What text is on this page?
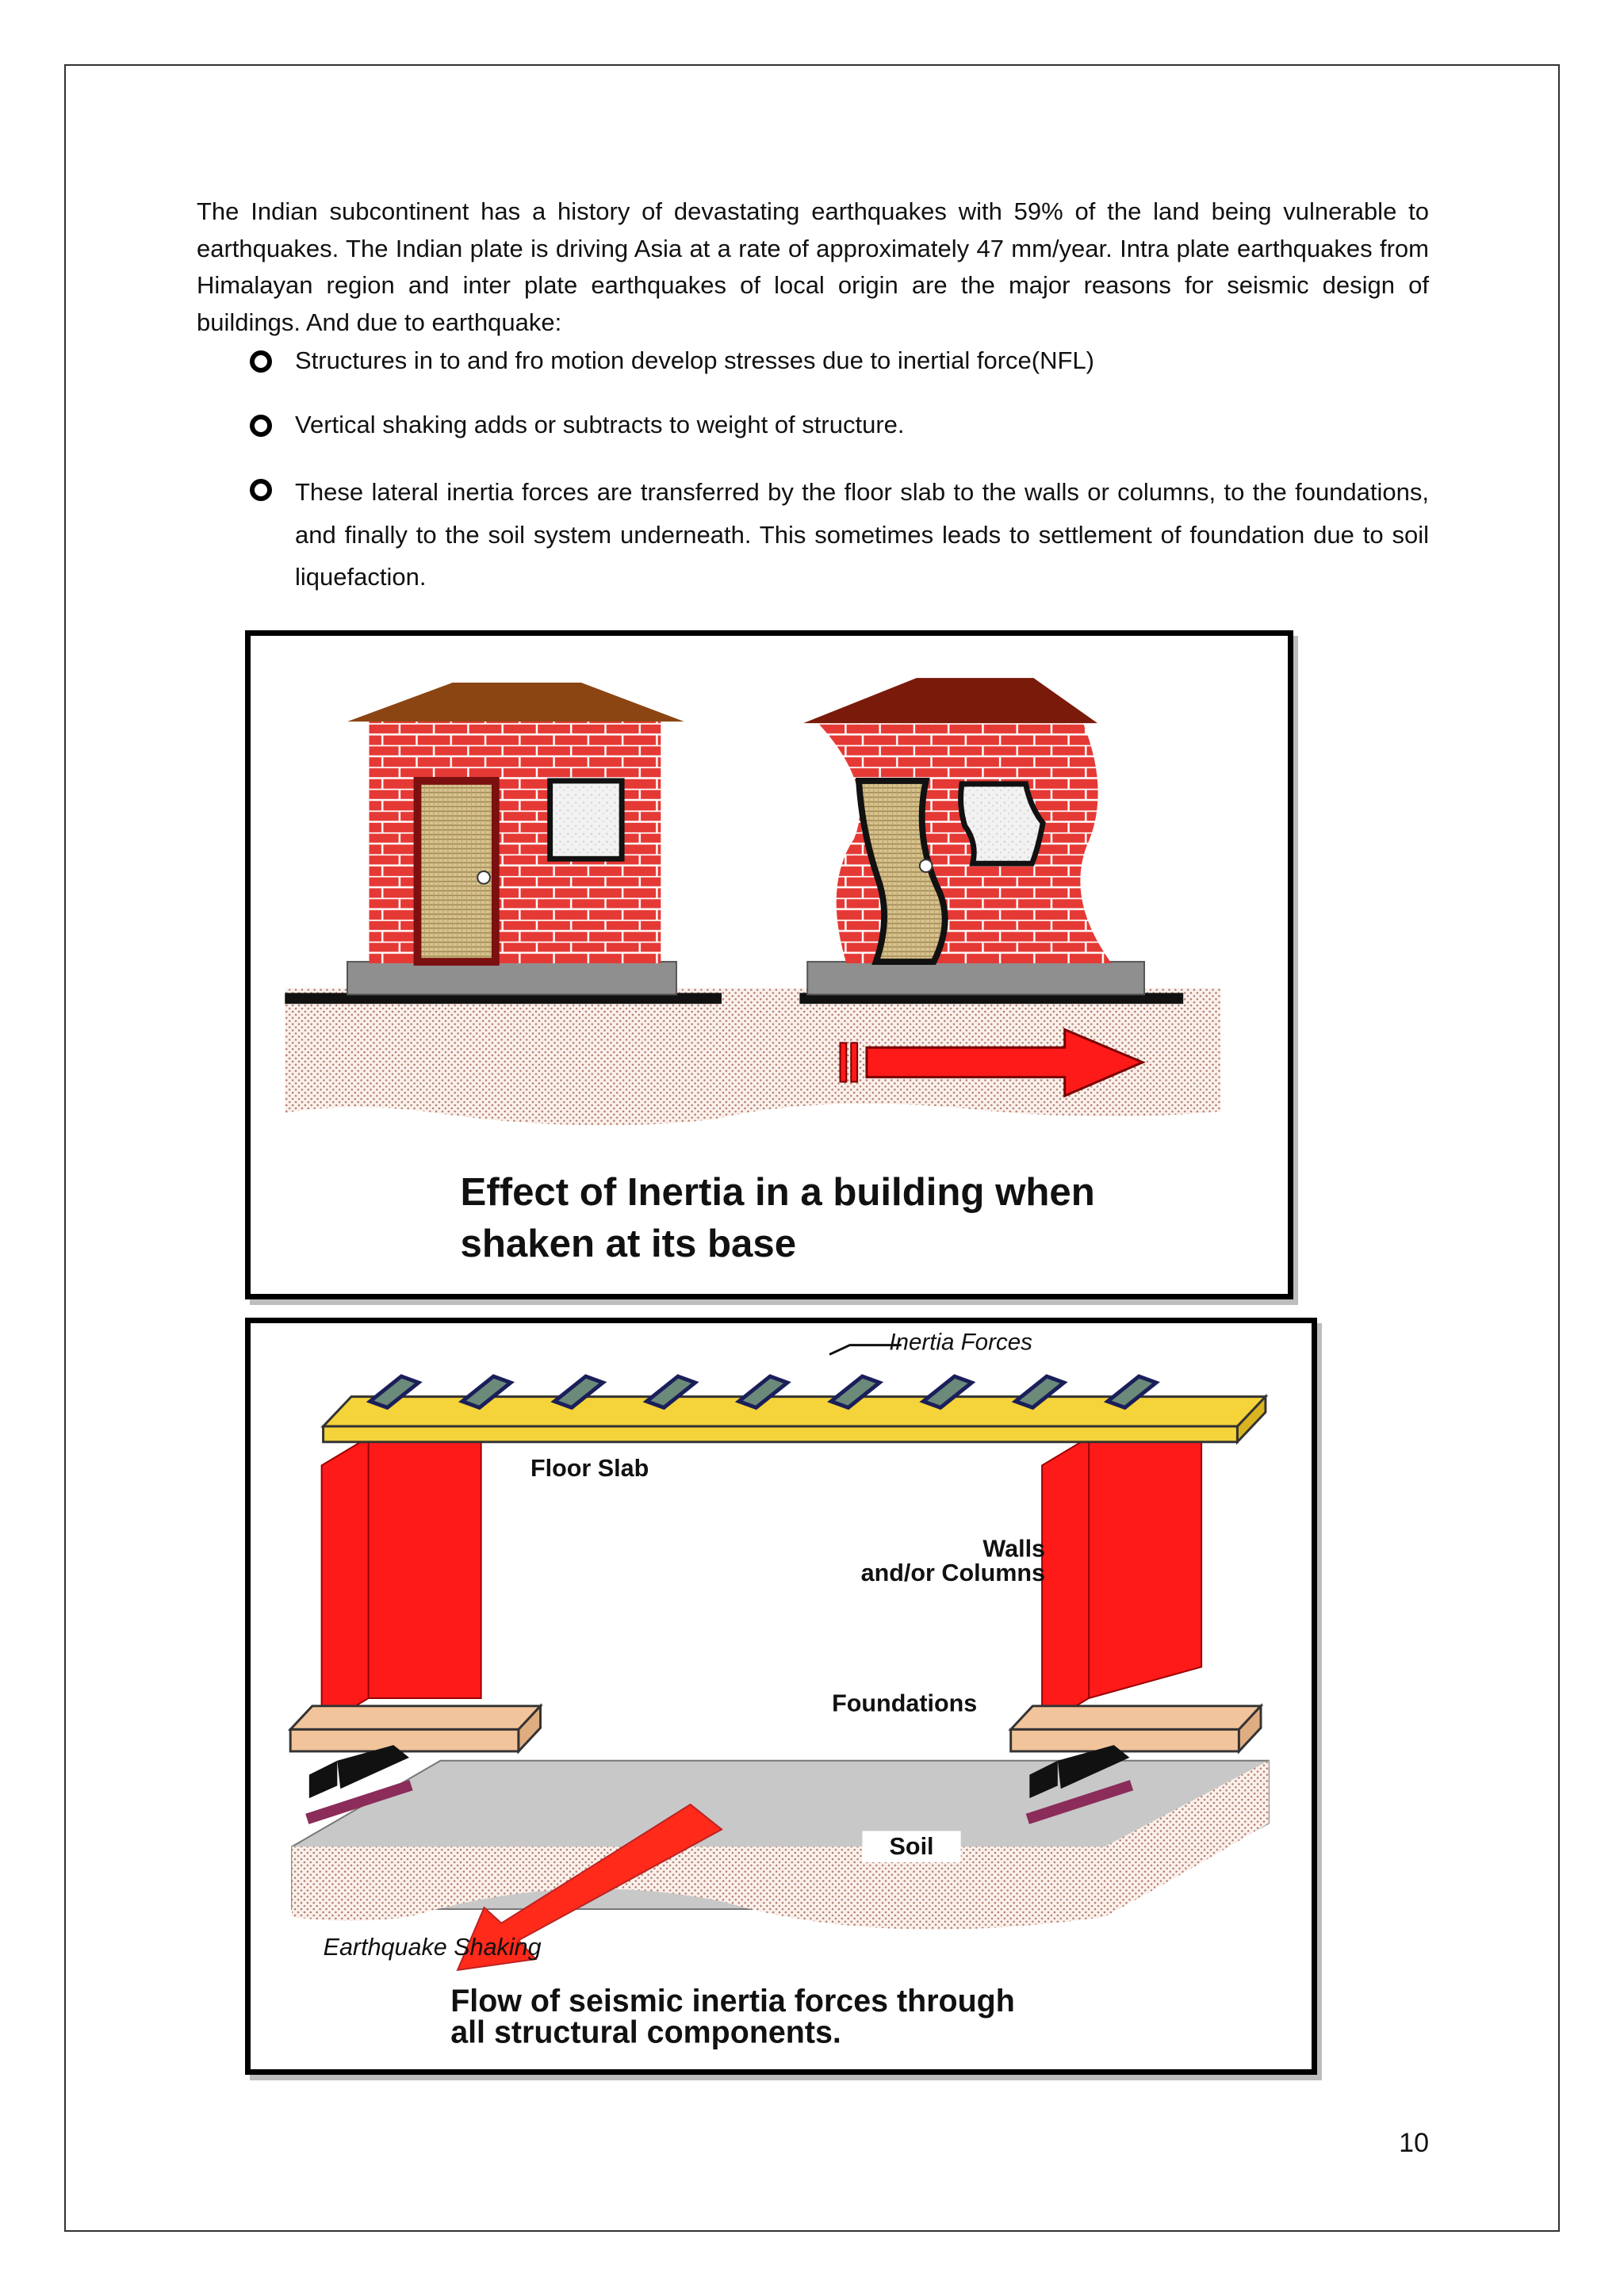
The Indian subcontinent has a history of devastating earthquakes with 59% of the land being vulnerable to earthquakes. The Indian plate is driving Asia at a rate of approximately 47 mm/year. Intra plate earthquakes from Himalayan region and inter plate earthquakes of local origin are the major reasons for seismic design of buildings. And due to earthquake:

Structures in to and fro motion develop stresses due to inertial force(NFL)
Vertical shaking adds or subtracts to weight of structure.
These lateral inertia forces are transferred by the floor slab to the walls or columns, to the foundations, and finally to the soil system underneath. This sometimes leads to settlement of foundation due to soil liquefaction.
Effect of Inertia in a building when
shaken at its base
Inertia Forces
Floor Slab
Walls
and/or Columns
Foundations
Soil
Earthquake Shaking
Flow of seismic inertia forces through
all structural components.

10
